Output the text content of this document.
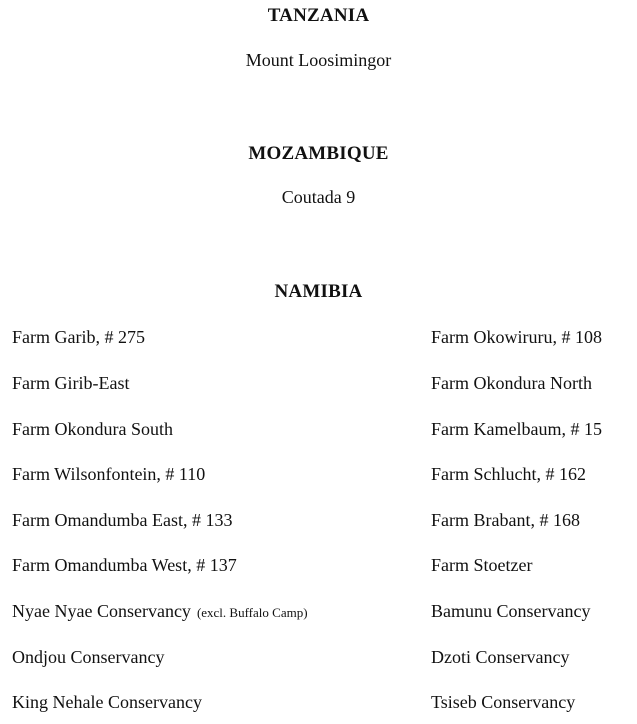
TANZANIA
Mount Loosimingor
MOZAMBIQUE
Coutada 9
NAMIBIA
Farm Garib, # 275
Farm Girib-East
Farm Okondura South
Farm Wilsonfontein, # 110
Farm Omandumba East, # 133
Farm Omandumba West, # 137
Nyae Nyae Conservancy (excl. Buffalo Camp)
Ondjou Conservancy
King Nehale Conservancy
Farm Okowiruru, # 108
Farm Okondura North
Farm Kamelbaum, # 15
Farm Schlucht, # 162
Farm Brabant, # 168
Farm Stoetzer
Bamunu Conservancy
Dzoti Conservancy
Tsiseb Conservancy
